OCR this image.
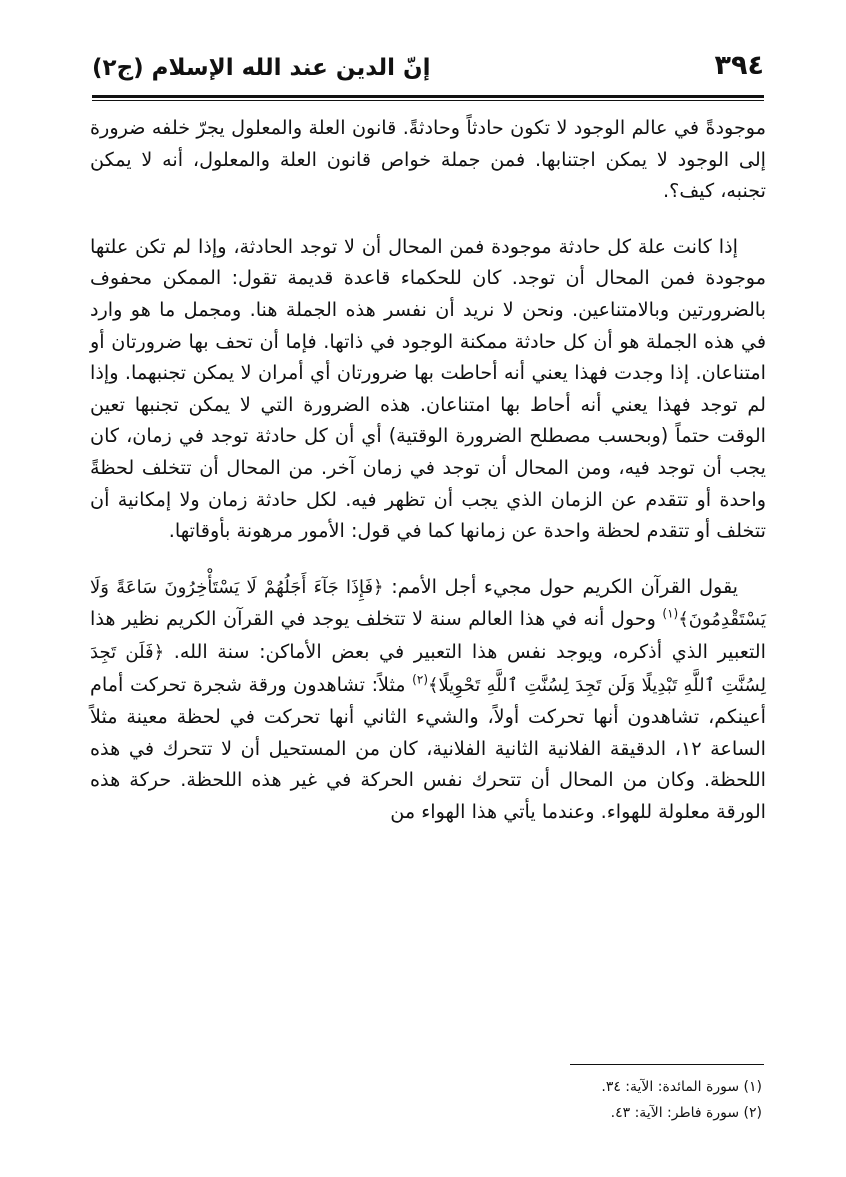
٣٩٤
إنّ الدين عند الله الإسلام (ج٢)

موجودةً في عالم الوجود لا تكون حادثاً وحادثةً. قانون العلة والمعلول يجرّ خلفه ضرورة إلى الوجود لا يمكن اجتنابها. فمن جملة خواص قانون العلة والمعلول، أنه لا يمكن تجنبه، كيف؟.

إذا كانت علة كل حادثة موجودة فمن المحال أن لا توجد الحادثة، وإذا لم تكن علتها موجودة فمن المحال أن توجد. كان للحكماء قاعدة قديمة تقول: الممكن محفوف بالضرورتين وبالامتناعين. ونحن لا نريد أن نفسر هذه الجملة هنا. ومجمل ما هو وارد في هذه الجملة هو أن كل حادثة ممكنة الوجود في ذاتها. فإما أن تحف بها ضرورتان أو امتناعان. إذا وجدت فهذا يعني أنه أحاطت بها ضرورتان أي أمران لا يمكن تجنبهما. وإذا لم توجد فهذا يعني أنه أحاط بها امتناعان. هذه الضرورة التي لا يمكن تجنبها تعين الوقت حتماً (وبحسب مصطلح الضرورة الوقتية) أي أن كل حادثة توجد في زمان، كان يجب أن توجد فيه، ومن المحال أن توجد في زمان آخر. من المحال أن تتخلف لحظةً واحدة أو تتقدم عن الزمان الذي يجب أن تظهر فيه. لكل حادثة زمان ولا إمكانية أن تتخلف أو تتقدم لحظة واحدة عن زمانها كما في قول: الأمور مرهونة بأوقاتها.

يقول القرآن الكريم حول مجيء أجل الأمم: ﴿فَإِذَا جَآءَ أَجَلُهُمْ لَا يَسْتَأْخِرُونَ سَاعَةً وَلَا يَسْتَقْدِمُونَ﴾$^{(١)}$ وحول أنه في هذا العالم سنة لا تتخلف يوجد في القرآن الكريم نظير هذا التعبير الذي أذكره، ويوجد نفس هذا التعبير في بعض الأماكن: سنة الله. ﴿فَلَن تَجِدَ لِسُنَّتِ ٱللَّهِ تَبْدِيلًا وَلَن تَجِدَ لِسُنَّتِ ٱللَّهِ تَحْوِيلًا﴾$^{(٢)}$ مثلاً: تشاهدون ورقة شجرة تحركت أمام أعينكم، تشاهدون أنها تحركت أولاً، والشيء الثاني أنها تحركت في لحظة معينة مثلاً الساعة ١٢، الدقيقة الفلانية الثانية الفلانية، كان من المستحيل أن لا تتحرك في هذه اللحظة. وكان من المحال أن تتحرك نفس الحركة في غير هذه اللحظة. حركة هذه الورقة معلولة للهواء. وعندما يأتي هذا الهواء من

(١) سورة المائدة: الآية: ٣٤.

(٢) سورة فاطر: الآية: ٤٣.
